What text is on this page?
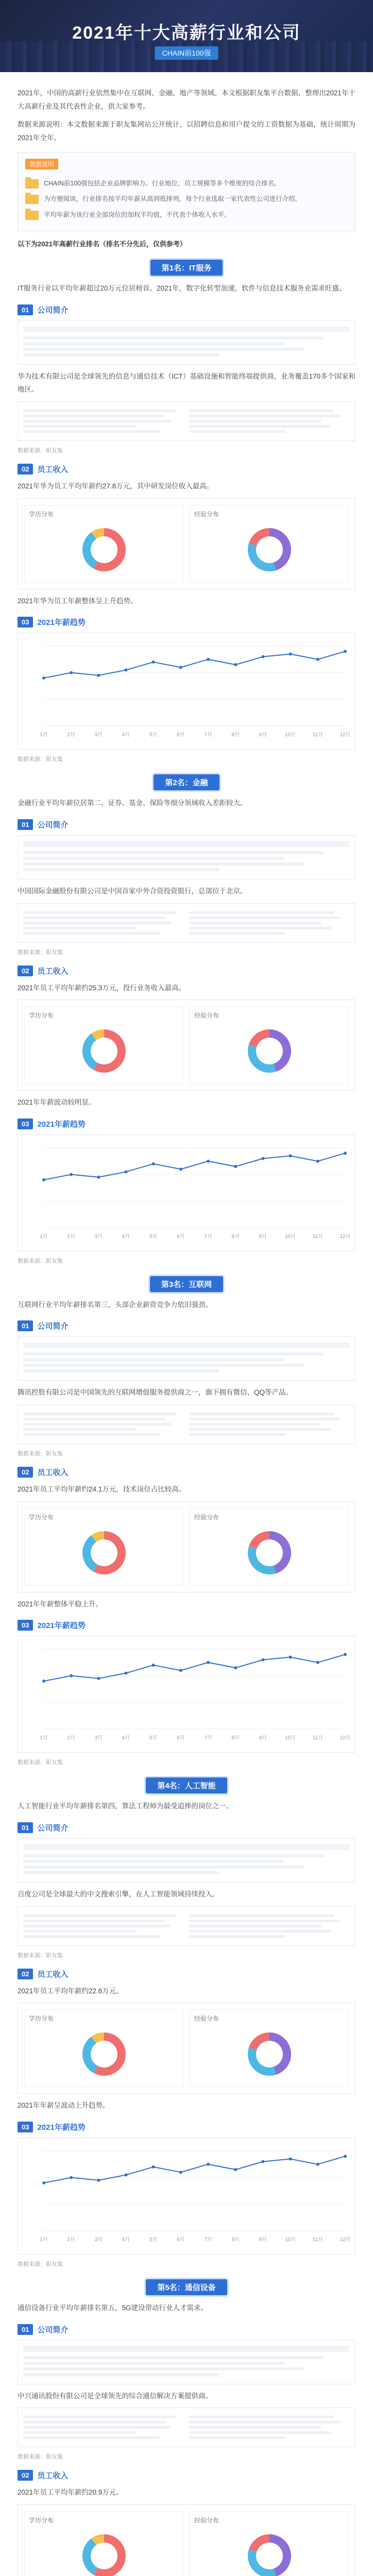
2021年十大高薪行业和公司
CHAIN前100强

2021年，中国的高薪行业依然集中在互联网、金融、地产等领域。本文根据职友集平台数据，整理出2021年十大高薪行业及其代表性企业，供大家参考。

数据来源说明：本文数据来源于职友集网站公开统计，以招聘信息和用户提交的工资数据为基础，统计周期为2021年全年。

数据说明
CHAIN前100强包括企业品牌影响力、行业地位、员工规模等多个维度的综合排名。
为方便阅读，行业排名按平均年薪从高到低排列，每个行业选取一家代表性公司进行介绍。
平均年薪为该行业全部岗位的加权平均值，不代表个体收入水平。

以下为2021年高薪行业排名（排名不分先后，仅供参考）

第1名：IT服务

IT服务行业以平均年薪超过20万元位居榜首。2021年，数字化转型加速，软件与信息技术服务业需求旺盛。

01	公司简介

华为技术有限公司是全球领先的信息与通信技术（ICT）基础设施和智能终端提供商，业务覆盖170多个国家和地区。

数据来源：职友集
02	员工收入

2021年华为员工平均年薪约27.8万元，其中研发岗位收入最高。

学历分布	经验分布

2021年华为员工年薪整体呈上升趋势。

03	2021年薪趋势
1月	2月	3月	4月	5月	6月	7月	8月	9月	10月	11月	12月
数据来源：职友集
第2名：金融

金融行业平均年薪位居第二，证券、基金、保险等细分领域收入差距较大。

01	公司简介

中国国际金融股份有限公司是中国首家中外合资投资银行，总部位于北京。

数据来源：职友集
02	员工收入

2021年员工平均年薪约25.3万元，投行业务收入最高。

学历分布	经验分布

2021年年薪波动较明显。

03	2021年薪趋势
1月	2月	3月	4月	5月	6月	7月	8月	9月	10月	11月	12月
数据来源：职友集
第3名：互联网

互联网行业平均年薪排名第三，头部企业薪资竞争力依旧强劲。

01	公司简介

腾讯控股有限公司是中国领先的互联网增值服务提供商之一，旗下拥有微信、QQ等产品。

数据来源：职友集
02	员工收入

2021年员工平均年薪约24.1万元，技术岗位占比较高。

学历分布	经验分布

2021年年薪整体平稳上升。

03	2021年薪趋势
1月	2月	3月	4月	5月	6月	7月	8月	9月	10月	11月	12月
数据来源：职友集
第4名：人工智能

人工智能行业平均年薪排名第四，算法工程师为最受追捧的岗位之一。

01	公司简介

百度公司是全球最大的中文搜索引擎，在人工智能领域持续投入。

数据来源：职友集
02	员工收入

2021年员工平均年薪约22.6万元。

学历分布	经验分布

2021年年薪呈波动上升趋势。

03	2021年薪趋势
1月	2月	3月	4月	5月	6月	7月	8月	9月	10月	11月	12月
数据来源：职友集
第5名：通信设备

通信设备行业平均年薪排名第五，5G建设带动行业人才需求。

01	公司简介

中兴通讯股份有限公司是全球领先的综合通信解决方案提供商。

数据来源：职友集
02	员工收入

2021年员工平均年薪约20.9万元。

学历分布	经验分布
